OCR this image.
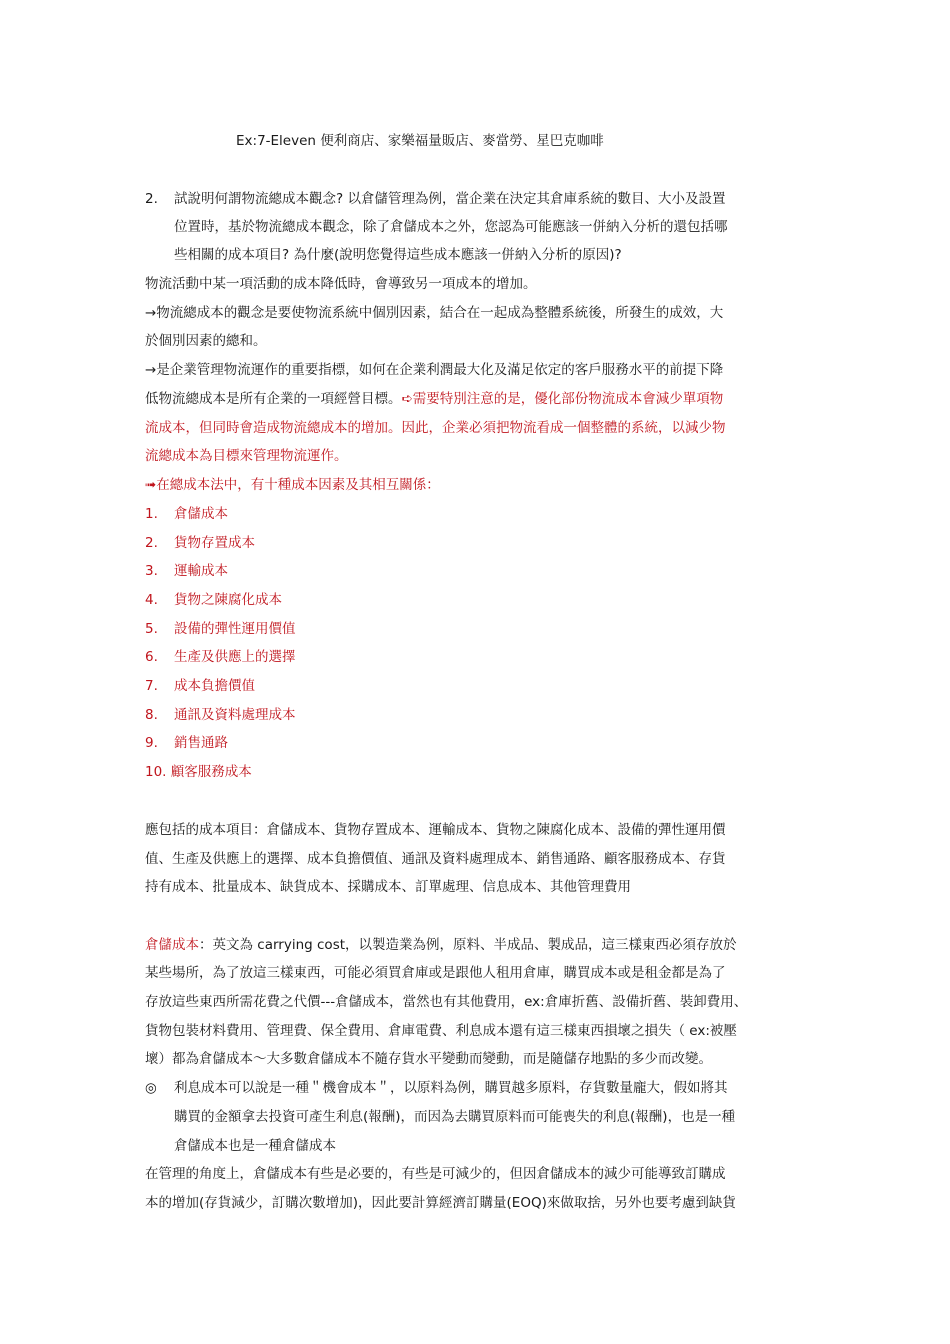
Ex:7-Eleven 便利商店、家樂福量販店、麥當勞、星巴克咖啡
2. 試說明何謂物流總成本觀念? 以倉儲管理為例，當企業在決定其倉庫系統的數目、大小及設置
位置時，基於物流總成本觀念，除了倉儲成本之外，您認為可能應該一併納入分析的還包括哪
些相關的成本項目? 為什麼(說明您覺得這些成本應該一併納入分析的原因)?
物流活動中某一項活動的成本降低時，會導致另一項成本的增加。
→物流總成本的觀念是要使物流系統中個別因素，結合在一起成為整體系統後，所發生的成效，大
於個別因素的總和。
→是企業管理物流運作的重要指標，如何在企業利潤最大化及滿足依定的客戶服務水平的前提下降
低物流總成本是所有企業的一項經營目標。➪需要特別注意的是，優化部份物流成本會減少單項物
流成本，但同時會造成物流總成本的增加。因此，企業必須把物流看成一個整體的系統，以減少物
流總成本為目標來管理物流運作。
➟在總成本法中，有十種成本因素及其相互關係：
1. 倉儲成本
2. 貨物存置成本
3. 運輸成本
4. 貨物之陳腐化成本
5. 設備的彈性運用價值
6. 生產及供應上的選擇
7. 成本負擔價值
8. 通訊及資料處理成本
9. 銷售通路
10. 顧客服務成本
應包括的成本項目：倉儲成本、貨物存置成本、運輸成本、貨物之陳腐化成本、設備的彈性運用價
值、生產及供應上的選擇、成本負擔價值、通訊及資料處理成本、銷售通路、顧客服務成本、存貨
持有成本、批量成本、缺貨成本、採購成本、訂單處理、信息成本、其他管理費用
倉儲成本：英文為 carrying cost，以製造業為例，原料、半成品、製成品，這三樣東西必須存放於
某些場所，為了放這三樣東西，可能必須買倉庫或是跟他人租用倉庫，購買成本或是租金都是為了
存放這些東西所需花費之代價---倉儲成本，當然也有其他費用，ex:倉庫折舊、設備折舊、裝卸費用、
貨物包裝材料費用、管理費、保全費用、倉庫電費、利息成本還有這三樣東西損壞之損失（ ex:被壓
壞）都為倉儲成本～大多數倉儲成本不隨存貨水平變動而變動，而是隨儲存地點的多少而改變。
◎ 利息成本可以說是一種＂機會成本＂，以原料為例，購買越多原料，存貨數量龐大，假如將其
購買的金額拿去投資可產生利息(報酬)，而因為去購買原料而可能喪失的利息(報酬)，也是一種
倉儲成本也是一種倉儲成本
在管理的角度上，倉儲成本有些是必要的，有些是可減少的，但因倉儲成本的減少可能導致訂購成
本的增加(存貨減少，訂購次數增加)，因此要計算經濟訂購量(EOQ)來做取捨，另外也要考慮到缺貨
